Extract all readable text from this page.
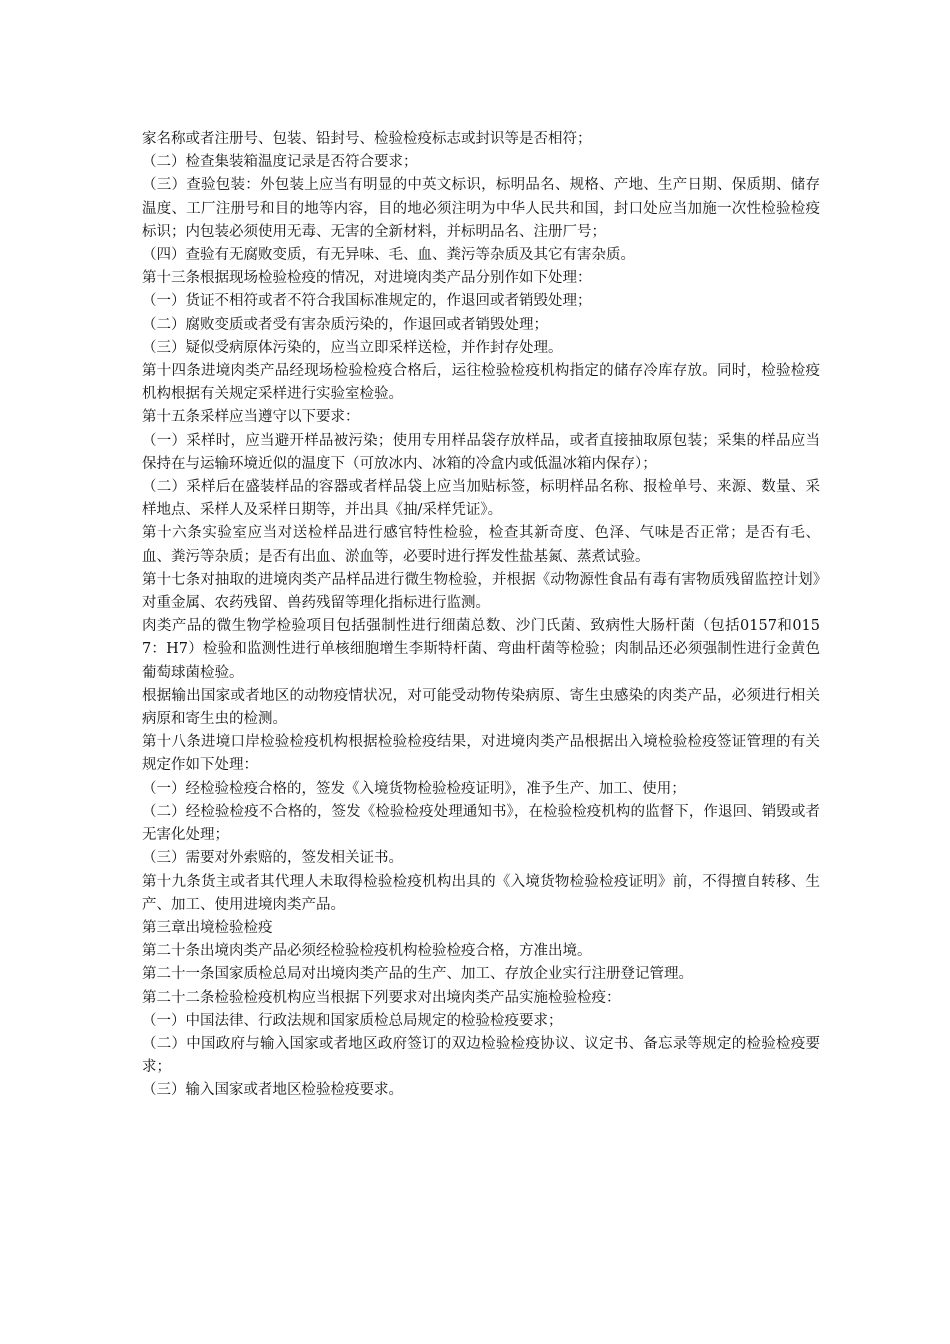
家名称或者注册号、包装、铅封号、检验检疫标志或封识等是否相符；

（二）检查集装箱温度记录是否符合要求；

（三）查验包装：外包装上应当有明显的中英文标识，标明品名、规格、产地、生产日期、保质期、储存温度、工厂注册号和目的地等内容，目的地必须注明为中华人民共和国，封口处应当加施一次性检验检疫标识；内包装必须使用无毒、无害的全新材料，并标明品名、注册厂号；

（四）查验有无腐败变质，有无异味、毛、血、粪污等杂质及其它有害杂质。

第十三条根据现场检验检疫的情况，对进境肉类产品分别作如下处理：

（一）货证不相符或者不符合我国标准规定的，作退回或者销毁处理；

（二）腐败变质或者受有害杂质污染的，作退回或者销毁处理；

（三）疑似受病原体污染的，应当立即采样送检，并作封存处理。

第十四条进境肉类产品经现场检验检疫合格后，运往检验检疫机构指定的储存冷库存放。同时，检验检疫机构根据有关规定采样进行实验室检验。

第十五条采样应当遵守以下要求：

（一）采样时，应当避开样品被污染；使用专用样品袋存放样品，或者直接抽取原包装；采集的样品应当保持在与运输环境近似的温度下（可放冰内、冰箱的冷盒内或低温冰箱内保存）；

（二）采样后在盛装样品的容器或者样品袋上应当加贴标签，标明样品名称、报检单号、来源、数量、采样地点、采样人及采样日期等，并出具《抽/采样凭证》。

第十六条实验室应当对送检样品进行感官特性检验，检查其新奇度、色泽、气味是否正常；是否有毛、血、粪污等杂质；是否有出血、淤血等，必要时进行挥发性盐基氮、蒸煮试验。

第十七条对抽取的进境肉类产品样品进行微生物检验，并根据《动物源性食品有毒有害物质残留监控计划》对重金属、农药残留、兽药残留等理化指标进行监测。

肉类产品的微生物学检验项目包括强制性进行细菌总数、沙门氏菌、致病性大肠杆菌（包括0157和0157：H7）检验和监测性进行单核细胞增生李斯特杆菌、弯曲杆菌等检验；肉制品还必须强制性进行金黄色葡萄球菌检验。

根据输出国家或者地区的动物疫情状况，对可能受动物传染病原、寄生虫感染的肉类产品，必须进行相关病原和寄生虫的检测。

第十八条进境口岸检验检疫机构根据检验检疫结果，对进境肉类产品根据出入境检验检疫签证管理的有关规定作如下处理：

（一）经检验检疫合格的，签发《入境货物检验检疫证明》，准予生产、加工、使用；

（二）经检验检疫不合格的，签发《检验检疫处理通知书》，在检验检疫机构的监督下，作退回、销毁或者无害化处理；

（三）需要对外索赔的，签发相关证书。

第十九条货主或者其代理人未取得检验检疫机构出具的《入境货物检验检疫证明》前，不得擅自转移、生产、加工、使用进境肉类产品。

第三章出境检验检疫

第二十条出境肉类产品必须经检验检疫机构检验检疫合格，方准出境。

第二十一条国家质检总局对出境肉类产品的生产、加工、存放企业实行注册登记管理。

第二十二条检验检疫机构应当根据下列要求对出境肉类产品实施检验检疫：

（一）中国法律、行政法规和国家质检总局规定的检验检疫要求；

（二）中国政府与输入国家或者地区政府签订的双边检验检疫协议、议定书、备忘录等规定的检验检疫要求；

（三）输入国家或者地区检验检疫要求。
